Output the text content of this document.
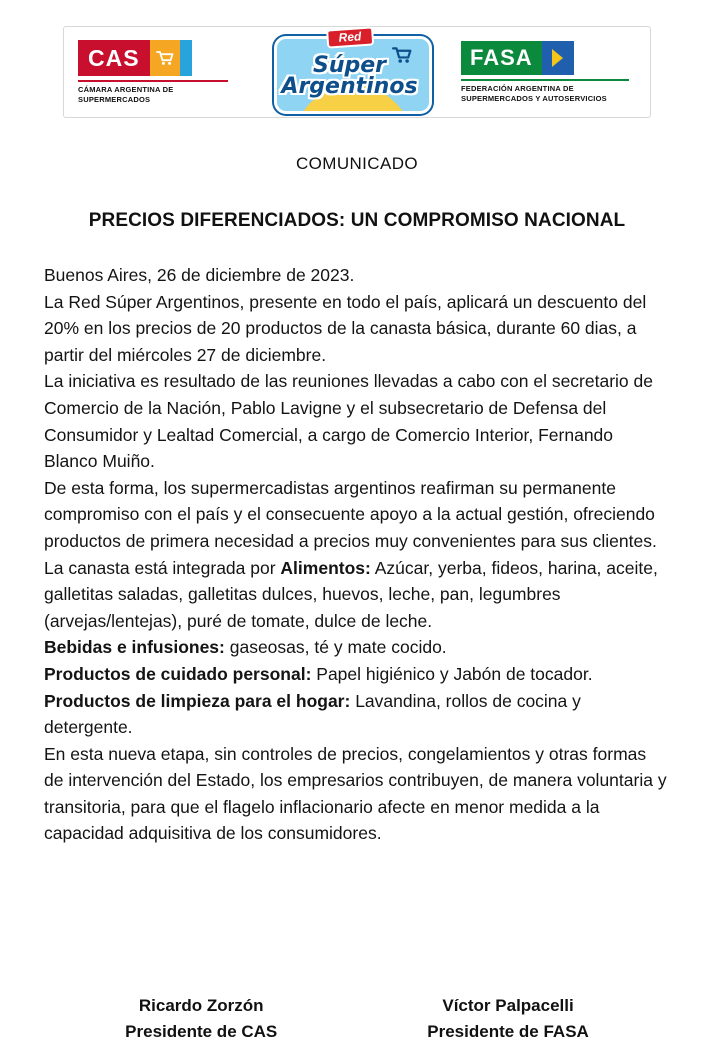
CAS
CÁMARA ARGENTINA DE
SUPERMERCADOS
Red
Súper
Argentinos
FASA
FEDERACIÓN ARGENTINA DE
SUPERMERCADOS Y AUTOSERVICIOS
COMUNICADO
PRECIOS DIFERENCIADOS: UN COMPROMISO NACIONAL

Buenos Aires, 26 de diciembre de 2023.

La Red Súper Argentinos, presente en todo el país, aplicará un descuento del 20% en los precios de 20 productos de la canasta básica, durante 60 dias, a partir del miércoles 27 de diciembre.

La iniciativa es resultado de las reuniones llevadas a cabo con el secretario de Comercio de la Nación, Pablo Lavigne y el subsecretario de Defensa del Consumidor y Lealtad Comercial, a cargo de Comercio Interior, Fernando Blanco Muiño.

De esta forma, los supermercadistas argentinos reafirman su permanente compromiso con el país y el consecuente apoyo a la actual gestión, ofreciendo productos de primera necesidad a precios muy convenientes para sus clientes.

La canasta está integrada por Alimentos: Azúcar, yerba, fideos, harina, aceite, galletitas saladas, galletitas dulces, huevos, leche, pan, legumbres (arvejas/lentejas), puré de tomate, dulce de leche.

Bebidas e infusiones: gaseosas, té y mate cocido.

Productos de cuidado personal: Papel higiénico y Jabón de tocador.

Productos de limpieza para el hogar: Lavandina, rollos de cocina y detergente.

En esta nueva etapa, sin controles de precios, congelamientos y otras formas de intervención del Estado, los empresarios contribuyen, de manera voluntaria y transitoria, para que el flagelo inflacionario afecte en menor medida a la capacidad adquisitiva de los consumidores.

Ricardo Zorzón
Presidente de CAS
Víctor Palpacelli
Presidente de FASA
